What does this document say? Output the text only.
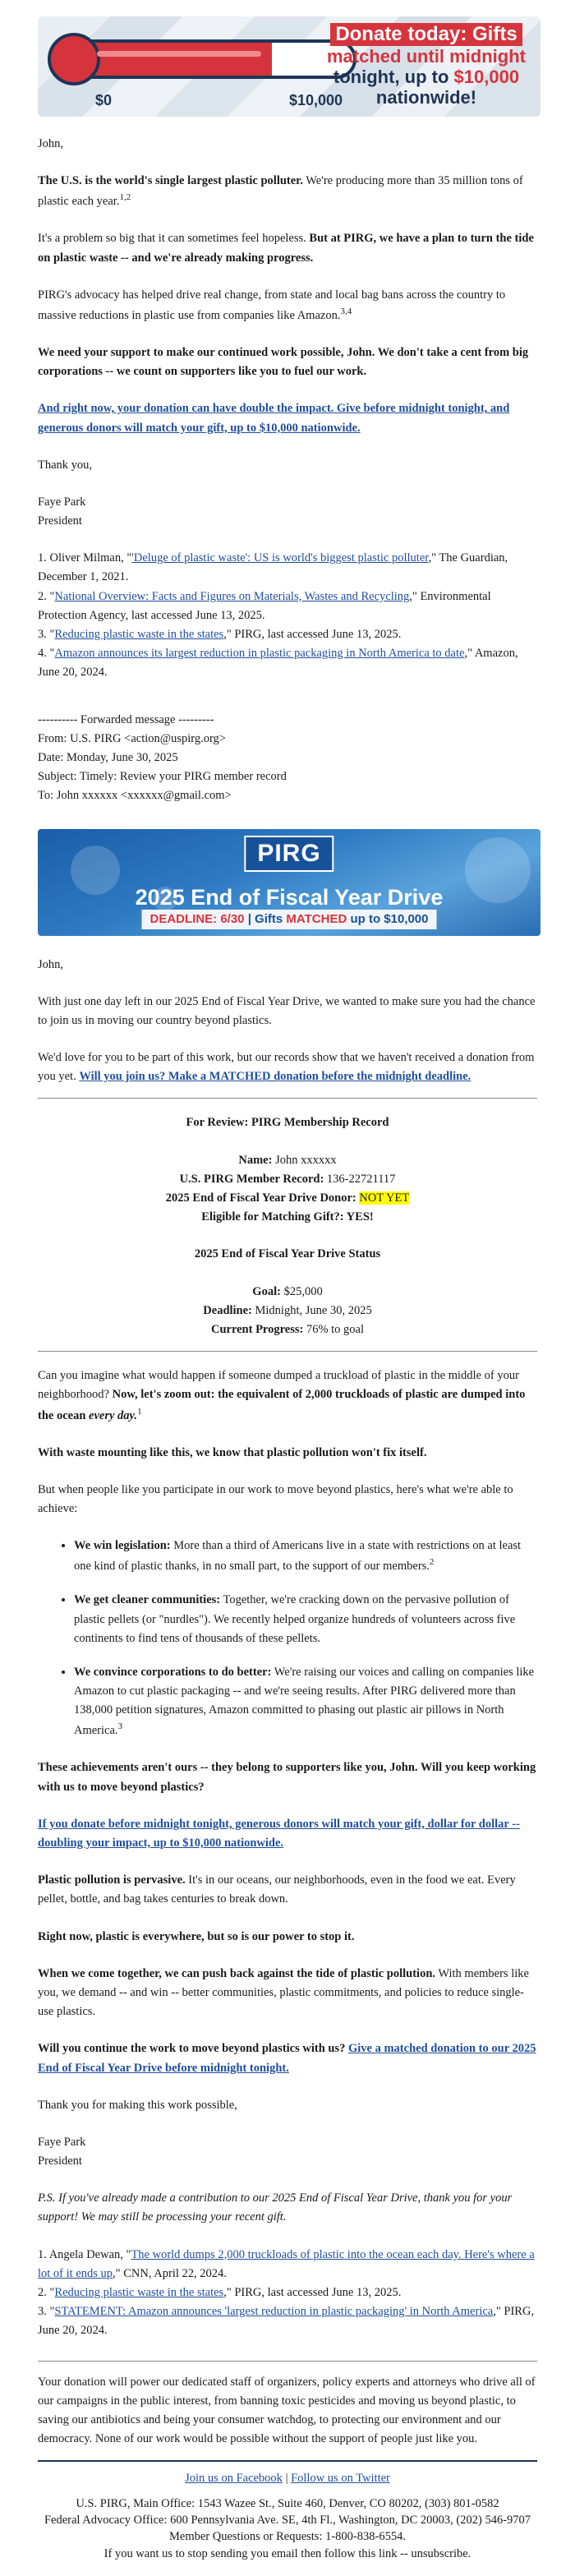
$0	$10,000
Donate today: Gifts
matched until midnight
tonight, up to $10,000
nationwide!

John,

The U.S. is the world's single largest plastic polluter. We're producing more than 35 million tons of plastic each year.$^{1,2}$

It's a problem so big that it can sometimes feel hopeless. But at PIRG, we have a plan to turn the tide on plastic waste -- and we're already making progress.

PIRG's advocacy has helped drive real change, from state and local bag bans across the country to massive reductions in plastic use from companies like Amazon.$^{3,4}$

We need your support to make our continued work possible, John. We don't take a cent from big corporations -- we count on supporters like you to fuel our work.

And right now, your donation can have double the impact. Give before midnight tonight, and generous donors will match your gift, up to $10,000 nationwide.

Thank you,

Faye Park
President
1. Oliver Milman, "'Deluge of plastic waste': US is world's biggest plastic polluter," The Guardian, December 1, 2021.
2. "National Overview: Facts and Figures on Materials, Wastes and Recycling," Environmental Protection Agency, last accessed June 13, 2025.
3. "Reducing plastic waste in the states," PIRG, last accessed June 13, 2025.
4. "Amazon announces its largest reduction in plastic packaging in North America to date," Amazon, June 20, 2024.
---------- Forwarded message ---------
From: U.S. PIRG <action@uspirg.org>
Date: Monday, June 30, 2025
Subject: Timely: Review your PIRG member record
To: John xxxxxx <xxxxxx@gmail.com>
PIRG
2025 End of Fiscal Year Drive
DEADLINE: 6/30 | Gifts MATCHED up to $10,000

John,

With just one day left in our 2025 End of Fiscal Year Drive, we wanted to make sure you had the chance to join us in moving our country beyond plastics.

We'd love for you to be part of this work, but our records show that we haven't received a donation from you yet. Will you join us? Make a MATCHED donation before the midnight deadline.

For Review: PIRG Membership Record

Name: John xxxxxx

U.S. PIRG Member Record: 136-22721117

2025 End of Fiscal Year Drive Donor: NOT YET

Eligible for Matching Gift?: YES!

2025 End of Fiscal Year Drive Status

Goal: $25,000

Deadline: Midnight, June 30, 2025

Current Progress: 76% to goal

Can you imagine what would happen if someone dumped a truckload of plastic in the middle of your neighborhood? Now, let's zoom out: the equivalent of 2,000 truckloads of plastic are dumped into the ocean every day.$^1$

With waste mounting like this, we know that plastic pollution won't fix itself.

But when people like you participate in our work to move beyond plastics, here's what we're able to achieve:

• We win legislation: More than a third of Americans live in a state with restrictions on at least one kind of plastic thanks, in no small part, to the support of our members.$^2$
• We get cleaner communities: Together, we're cracking down on the pervasive pollution of plastic pellets (or "nurdles"). We recently helped organize hundreds of volunteers across five continents to find tens of thousands of these pellets.
• We convince corporations to do better: We're raising our voices and calling on companies like Amazon to cut plastic packaging -- and we're seeing results. After PIRG delivered more than 138,000 petition signatures, Amazon committed to phasing out plastic air pillows in North America.$^3$

These achievements aren't ours -- they belong to supporters like you, John. Will you keep working with us to move beyond plastics?

If you donate before midnight tonight, generous donors will match your gift, dollar for dollar -- doubling your impact, up to $10,000 nationwide.

Plastic pollution is pervasive. It's in our oceans, our neighborhoods, even in the food we eat. Every pellet, bottle, and bag takes centuries to break down.

Right now, plastic is everywhere, but so is our power to stop it.

When we come together, we can push back against the tide of plastic pollution. With members like you, we demand -- and win -- better communities, plastic commitments, and policies to reduce single-use plastics.

Will you continue the work to move beyond plastics with us? Give a matched donation to our 2025 End of Fiscal Year Drive before midnight tonight.

Thank you for making this work possible,

Faye Park
President

P.S. If you've already made a contribution to our 2025 End of Fiscal Year Drive, thank you for your support! We may still be processing your recent gift.

1. Angela Dewan, "The world dumps 2,000 truckloads of plastic into the ocean each day. Here's where a lot of it ends up," CNN, April 22, 2024.
2. "Reducing plastic waste in the states," PIRG, last accessed June 13, 2025.
3. "STATEMENT: Amazon announces 'largest reduction in plastic packaging' in North America," PIRG, June 20, 2024.

Your donation will power our dedicated staff of organizers, policy experts and attorneys who drive all of our campaigns in the public interest, from banning toxic pesticides and moving us beyond plastic, to saving our antibiotics and being your consumer watchdog, to protecting our environment and our democracy. None of our work would be possible without the support of people just like you.

Join us on Facebook | Follow us on Twitter
U.S. PIRG, Main Office: 1543 Wazee St., Suite 460, Denver, CO 80202, (303) 801-0582
Federal Advocacy Office: 600 Pennsylvania Ave. SE, 4th Fl., Washington, DC 20003, (202) 546-9707
Member Questions or Requests: 1-800-838-6554.
If you want us to stop sending you email then follow this link -- unsubscribe.
